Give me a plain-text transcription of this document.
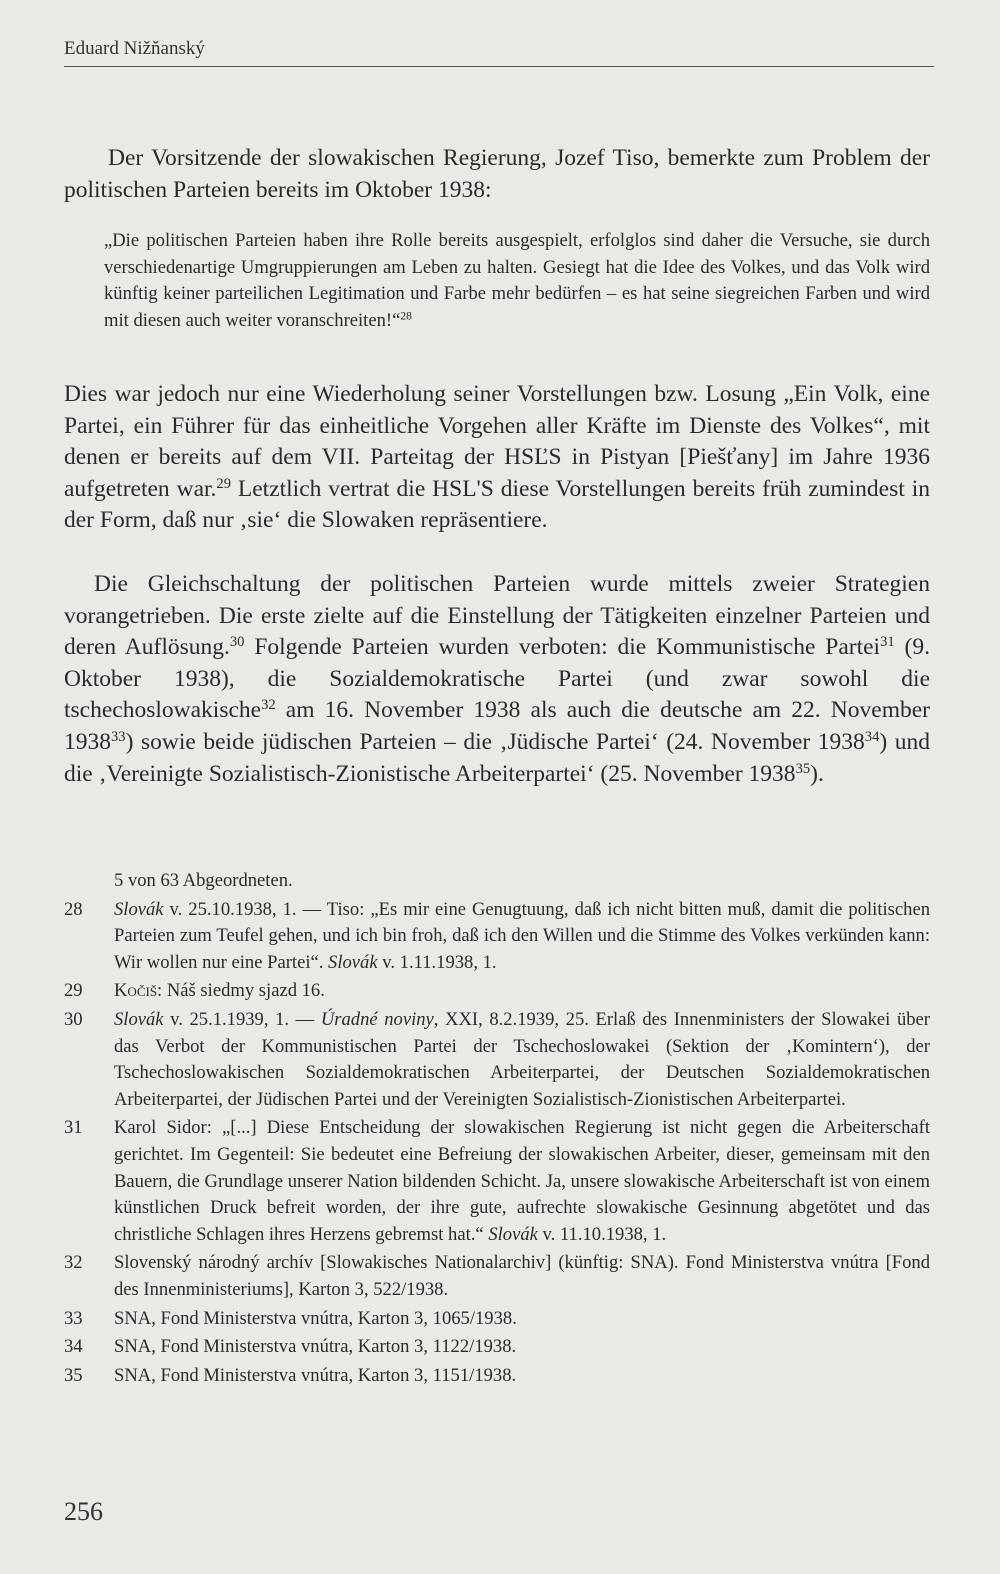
Eduard Nižňanský

Der Vorsitzende der slowakischen Regierung, Jozef Tiso, bemerkte zum Problem der politischen Parteien bereits im Oktober 1938:

„Die politischen Parteien haben ihre Rolle bereits ausgespielt, erfolglos sind daher die Versuche, sie durch verschiedenartige Umgruppierungen am Leben zu halten. Gesiegt hat die Idee des Volkes, und das Volk wird künftig keiner parteilichen Legitimation und Farbe mehr bedürfen – es hat seine siegreichen Farben und wird mit diesen auch weiter voranschreiten!“$^{28}$

Dies war jedoch nur eine Wiederholung seiner Vorstellungen bzw. Losung „Ein Volk, eine Partei, ein Führer für das einheitliche Vorgehen aller Kräfte im Dienste des Volkes“, mit denen er bereits auf dem VII. Parteitag der HSĽS in Pistyan [Piešťany] im Jahre 1936 aufgetreten war.$^{29}$ Letztlich vertrat die HSL'S diese Vorstellungen bereits früh zumindest in der Form, daß nur ‚sie‘ die Slowaken repräsentiere.

Die Gleichschaltung der politischen Parteien wurde mittels zweier Strategien vorangetrieben. Die erste zielte auf die Einstellung der Tätigkeiten einzelner Parteien und deren Auflösung.$^{30}$ Folgende Parteien wurden verboten: die Kommunistische Partei$^{31}$ (9. Oktober 1938), die Sozialdemokratische Partei (und zwar sowohl die tschechoslowakische$^{32}$ am 16. November 1938 als auch die deutsche am 22. November 1938$^{33}$) sowie beide jüdischen Parteien – die ‚Jüdische Partei‘ (24. November 1938$^{34}$) und die ‚Vereinigte Sozialistisch-Zionistische Arbeiterpartei‘ (25. November 1938$^{35}$).

5 von 63 Abgeordneten.
28	Slovák v. 25.10.1938, 1. — Tiso: „Es mir eine Genugtuung, daß ich nicht bitten muß, damit die politischen Parteien zum Teufel gehen, und ich bin froh, daß ich den Willen und die Stimme des Volkes verkünden kann: Wir wollen nur eine Partei“. Slovák v. 1.11.1938, 1.
29	Kočiš: Náš siedmy sjazd 16.
30	Slovák v. 25.1.1939, 1. — Úradné noviny, XXI, 8.2.1939, 25. Erlaß des Innenministers der Slowakei über das Verbot der Kommunistischen Partei der Tschechoslowakei (Sektion der ‚Komintern‘), der Tschechoslowakischen Sozialdemokratischen Arbeiterpartei, der Deutschen Sozialdemokratischen Arbeiterpartei, der Jüdischen Partei und der Vereinigten Sozialistisch-Zionistischen Arbeiterpartei.
31	Karol Sidor: „[...] Diese Entscheidung der slowakischen Regierung ist nicht gegen die Arbeiterschaft gerichtet. Im Gegenteil: Sie bedeutet eine Befreiung der slowakischen Arbeiter, dieser, gemeinsam mit den Bauern, die Grundlage unserer Nation bildenden Schicht. Ja, unsere slowakische Arbeiterschaft ist von einem künstlichen Druck befreit worden, der ihre gute, aufrechte slowakische Gesinnung abgetötet und das christliche Schlagen ihres Herzens gebremst hat.“ Slovák v. 11.10.1938, 1.
32	Slovenský národný archív [Slowakisches Nationalarchiv] (künftig: SNA). Fond Ministerstva vnútra [Fond des Innenministeriums], Karton 3, 522/1938.
33	SNA, Fond Ministerstva vnútra, Karton 3, 1065/1938.
34	SNA, Fond Ministerstva vnútra, Karton 3, 1122/1938.
35	SNA, Fond Ministerstva vnútra, Karton 3, 1151/1938.
256
